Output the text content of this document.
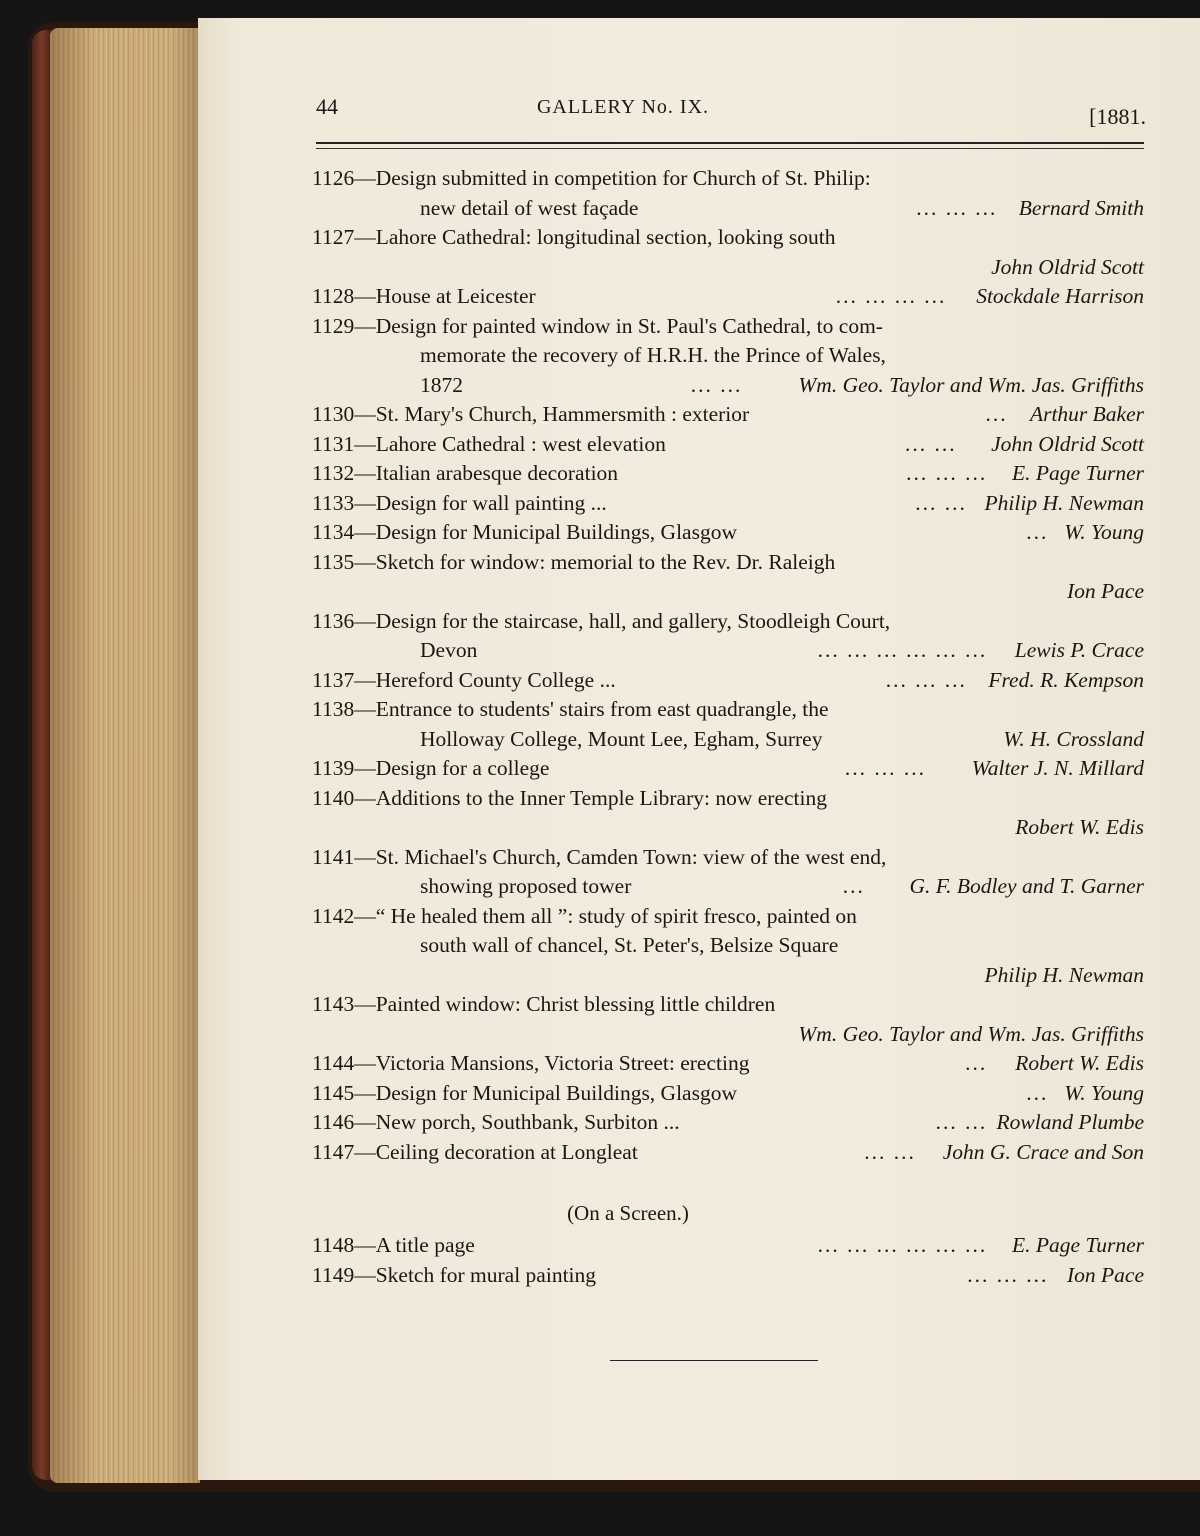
44	GALLERY No. IX.	[1881.
1126—Design submitted in competition for Church of St. Philip:
new detail of west façade	... ... ... Bernard Smith
1127—Lahore Cathedral: longitudinal section, looking south
John Oldrid Scott
1128—House at Leicester	... ... ... ... Stockdale Harrison
1129—Design for painted window in St. Paul's Cathedral, to com-
memorate the recovery of H.R.H. the Prince of Wales,
1872	... ...	Wm. Geo. Taylor and Wm. Jas. Griffiths
1130—St. Mary's Church, Hammersmith : exterior	... Arthur Baker
1131—Lahore Cathedral : west elevation	... ... John Oldrid Scott
1132—Italian arabesque decoration	... ... ... E. Page Turner
1133—Design for wall painting ...	... ... Philip H. Newman
1134—Design for Municipal Buildings, Glasgow	... W. Young
1135—Sketch for window: memorial to the Rev. Dr. Raleigh
Ion Pace
1136—Design for the staircase, hall, and gallery, Stoodleigh Court,
Devon	... ... ... ... ... ... Lewis P. Crace
1137—Hereford County College ...	... ... ... Fred. R. Kempson
1138—Entrance to students' stairs from east quadrangle, the
Holloway College, Mount Lee, Egham, Surrey	W. H. Crossland
1139—Design for a college	... ... ... Walter J. N. Millard
1140—Additions to the Inner Temple Library: now erecting
Robert W. Edis
1141—St. Michael's Church, Camden Town: view of the west end,
showing proposed tower	... G. F. Bodley and T. Garner
1142—“ He healed them all ”: study of spirit fresco, painted on
south wall of chancel, St. Peter's, Belsize Square
Philip H. Newman
1143—Painted window: Christ blessing little children
Wm. Geo. Taylor and Wm. Jas. Griffiths
1144—Victoria Mansions, Victoria Street: erecting	... Robert W. Edis
1145—Design for Municipal Buildings, Glasgow	... W. Young
1146—New porch, Southbank, Surbiton ...	... ... Rowland Plumbe
1147—Ceiling decoration at Longleat	... ... John G. Crace and Son
(On a Screen.)
1148—A title page	... ... ... ... ... ... E. Page Turner
1149—Sketch for mural painting	... ... ... Ion Pace
